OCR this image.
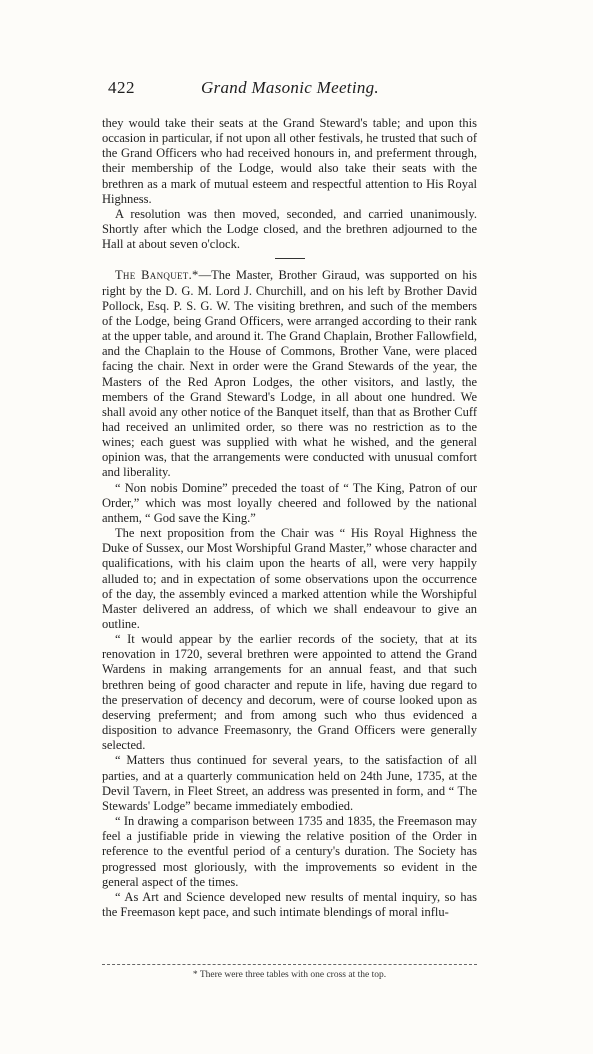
422	Grand Masonic Meeting.

they would take their seats at the Grand Steward's table; and upon this occasion in particular, if not upon all other festivals, he trusted that such of the Grand Officers who had received honours in, and preferment through, their membership of the Lodge, would also take their seats with the brethren as a mark of mutual esteem and respectful attention to His Royal Highness.

A resolution was then moved, seconded, and carried unanimously. Shortly after which the Lodge closed, and the brethren adjourned to the Hall at about seven o'clock.

The Banquet.*—The Master, Brother Giraud, was supported on his right by the D. G. M. Lord J. Churchill, and on his left by Brother David Pollock, Esq. P. S. G. W. The visiting brethren, and such of the members of the Lodge, being Grand Officers, were arranged according to their rank at the upper table, and around it. The Grand Chaplain, Brother Fallowfield, and the Chaplain to the House of Commons, Brother Vane, were placed facing the chair. Next in order were the Grand Stewards of the year, the Masters of the Red Apron Lodges, the other visitors, and lastly, the members of the Grand Steward's Lodge, in all about one hundred. We shall avoid any other notice of the Banquet itself, than that as Brother Cuff had received an unlimited order, so there was no restriction as to the wines; each guest was supplied with what he wished, and the general opinion was, that the arrangements were conducted with unusual comfort and liberality.

“ Non nobis Domine” preceded the toast of “ The King, Patron of our Order,” which was most loyally cheered and followed by the national anthem, “ God save the King.”

The next proposition from the Chair was “ His Royal Highness the Duke of Sussex, our Most Worshipful Grand Master,” whose character and qualifications, with his claim upon the hearts of all, were very happily alluded to; and in expectation of some observations upon the occurrence of the day, the assembly evinced a marked attention while the Worshipful Master delivered an address, of which we shall endeavour to give an outline.

“ It would appear by the earlier records of the society, that at its renovation in 1720, several brethren were appointed to attend the Grand Wardens in making arrangements for an annual feast, and that such brethren being of good character and repute in life, having due regard to the preservation of decency and decorum, were of course looked upon as deserving preferment; and from among such who thus evidenced a disposition to advance Freemasonry, the Grand Officers were generally selected.

“ Matters thus continued for several years, to the satisfaction of all parties, and at a quarterly communication held on 24th June, 1735, at the Devil Tavern, in Fleet Street, an address was presented in form, and “ The Stewards' Lodge” became immediately embodied.

“ In drawing a comparison between 1735 and 1835, the Freemason may feel a justifiable pride in viewing the relative position of the Order in reference to the eventful period of a century's duration. The Society has progressed most gloriously, with the improvements so evident in the general aspect of the times.

“ As Art and Science developed new results of mental inquiry, so has the Freemason kept pace, and such intimate blendings of moral influ-

* There were three tables with one cross at the top.
